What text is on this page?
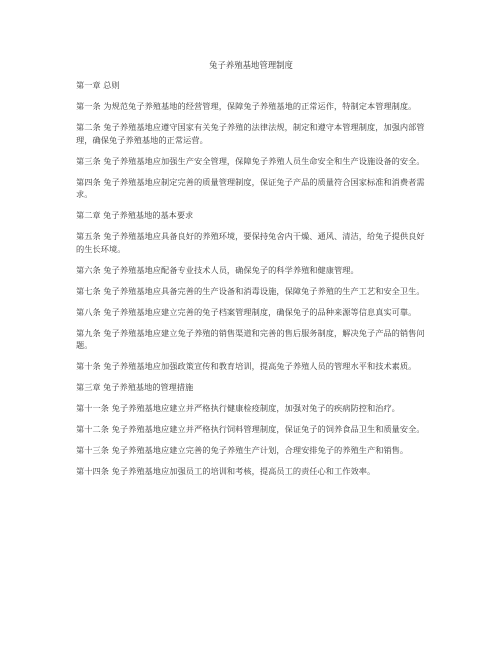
兔子养殖基地管理制度

第一章 总则

第一条 为规范兔子养殖基地的经营管理，保障兔子养殖基地的正常运作，特制定本管理制度。

第二条 兔子养殖基地应遵守国家有关兔子养殖的法律法规，制定和遵守本管理制度，加强内部管理，确保兔子养殖基地的正常运营。

第三条 兔子养殖基地应加强生产安全管理，保障兔子养殖人员生命安全和生产设施设备的安全。

第四条 兔子养殖基地应制定完善的质量管理制度，保证兔子产品的质量符合国家标准和消费者需求。

第二章 兔子养殖基地的基本要求

第五条 兔子养殖基地应具备良好的养殖环境，要保持兔舍内干燥、通风、清洁，给兔子提供良好的生长环境。

第六条 兔子养殖基地应配备专业技术人员，确保兔子的科学养殖和健康管理。

第七条 兔子养殖基地应具备完善的生产设备和消毒设施，保障兔子养殖的生产工艺和安全卫生。

第八条 兔子养殖基地应建立完善的兔子档案管理制度，确保兔子的品种来源等信息真实可靠。

第九条 兔子养殖基地应建立兔子养殖的销售渠道和完善的售后服务制度，解决兔子产品的销售问题。

第十条 兔子养殖基地应加强政策宣传和教育培训，提高兔子养殖人员的管理水平和技术素质。

第三章 兔子养殖基地的管理措施

第十一条 兔子养殖基地应建立并严格执行健康检疫制度，加强对兔子的疾病防控和治疗。

第十二条 兔子养殖基地应建立并严格执行饲料管理制度，保证兔子的饲养食品卫生和质量安全。

第十三条 兔子养殖基地应建立完善的兔子养殖生产计划，合理安排兔子的养殖生产和销售。

第十四条 兔子养殖基地应加强员工的培训和考核，提高员工的责任心和工作效率。
